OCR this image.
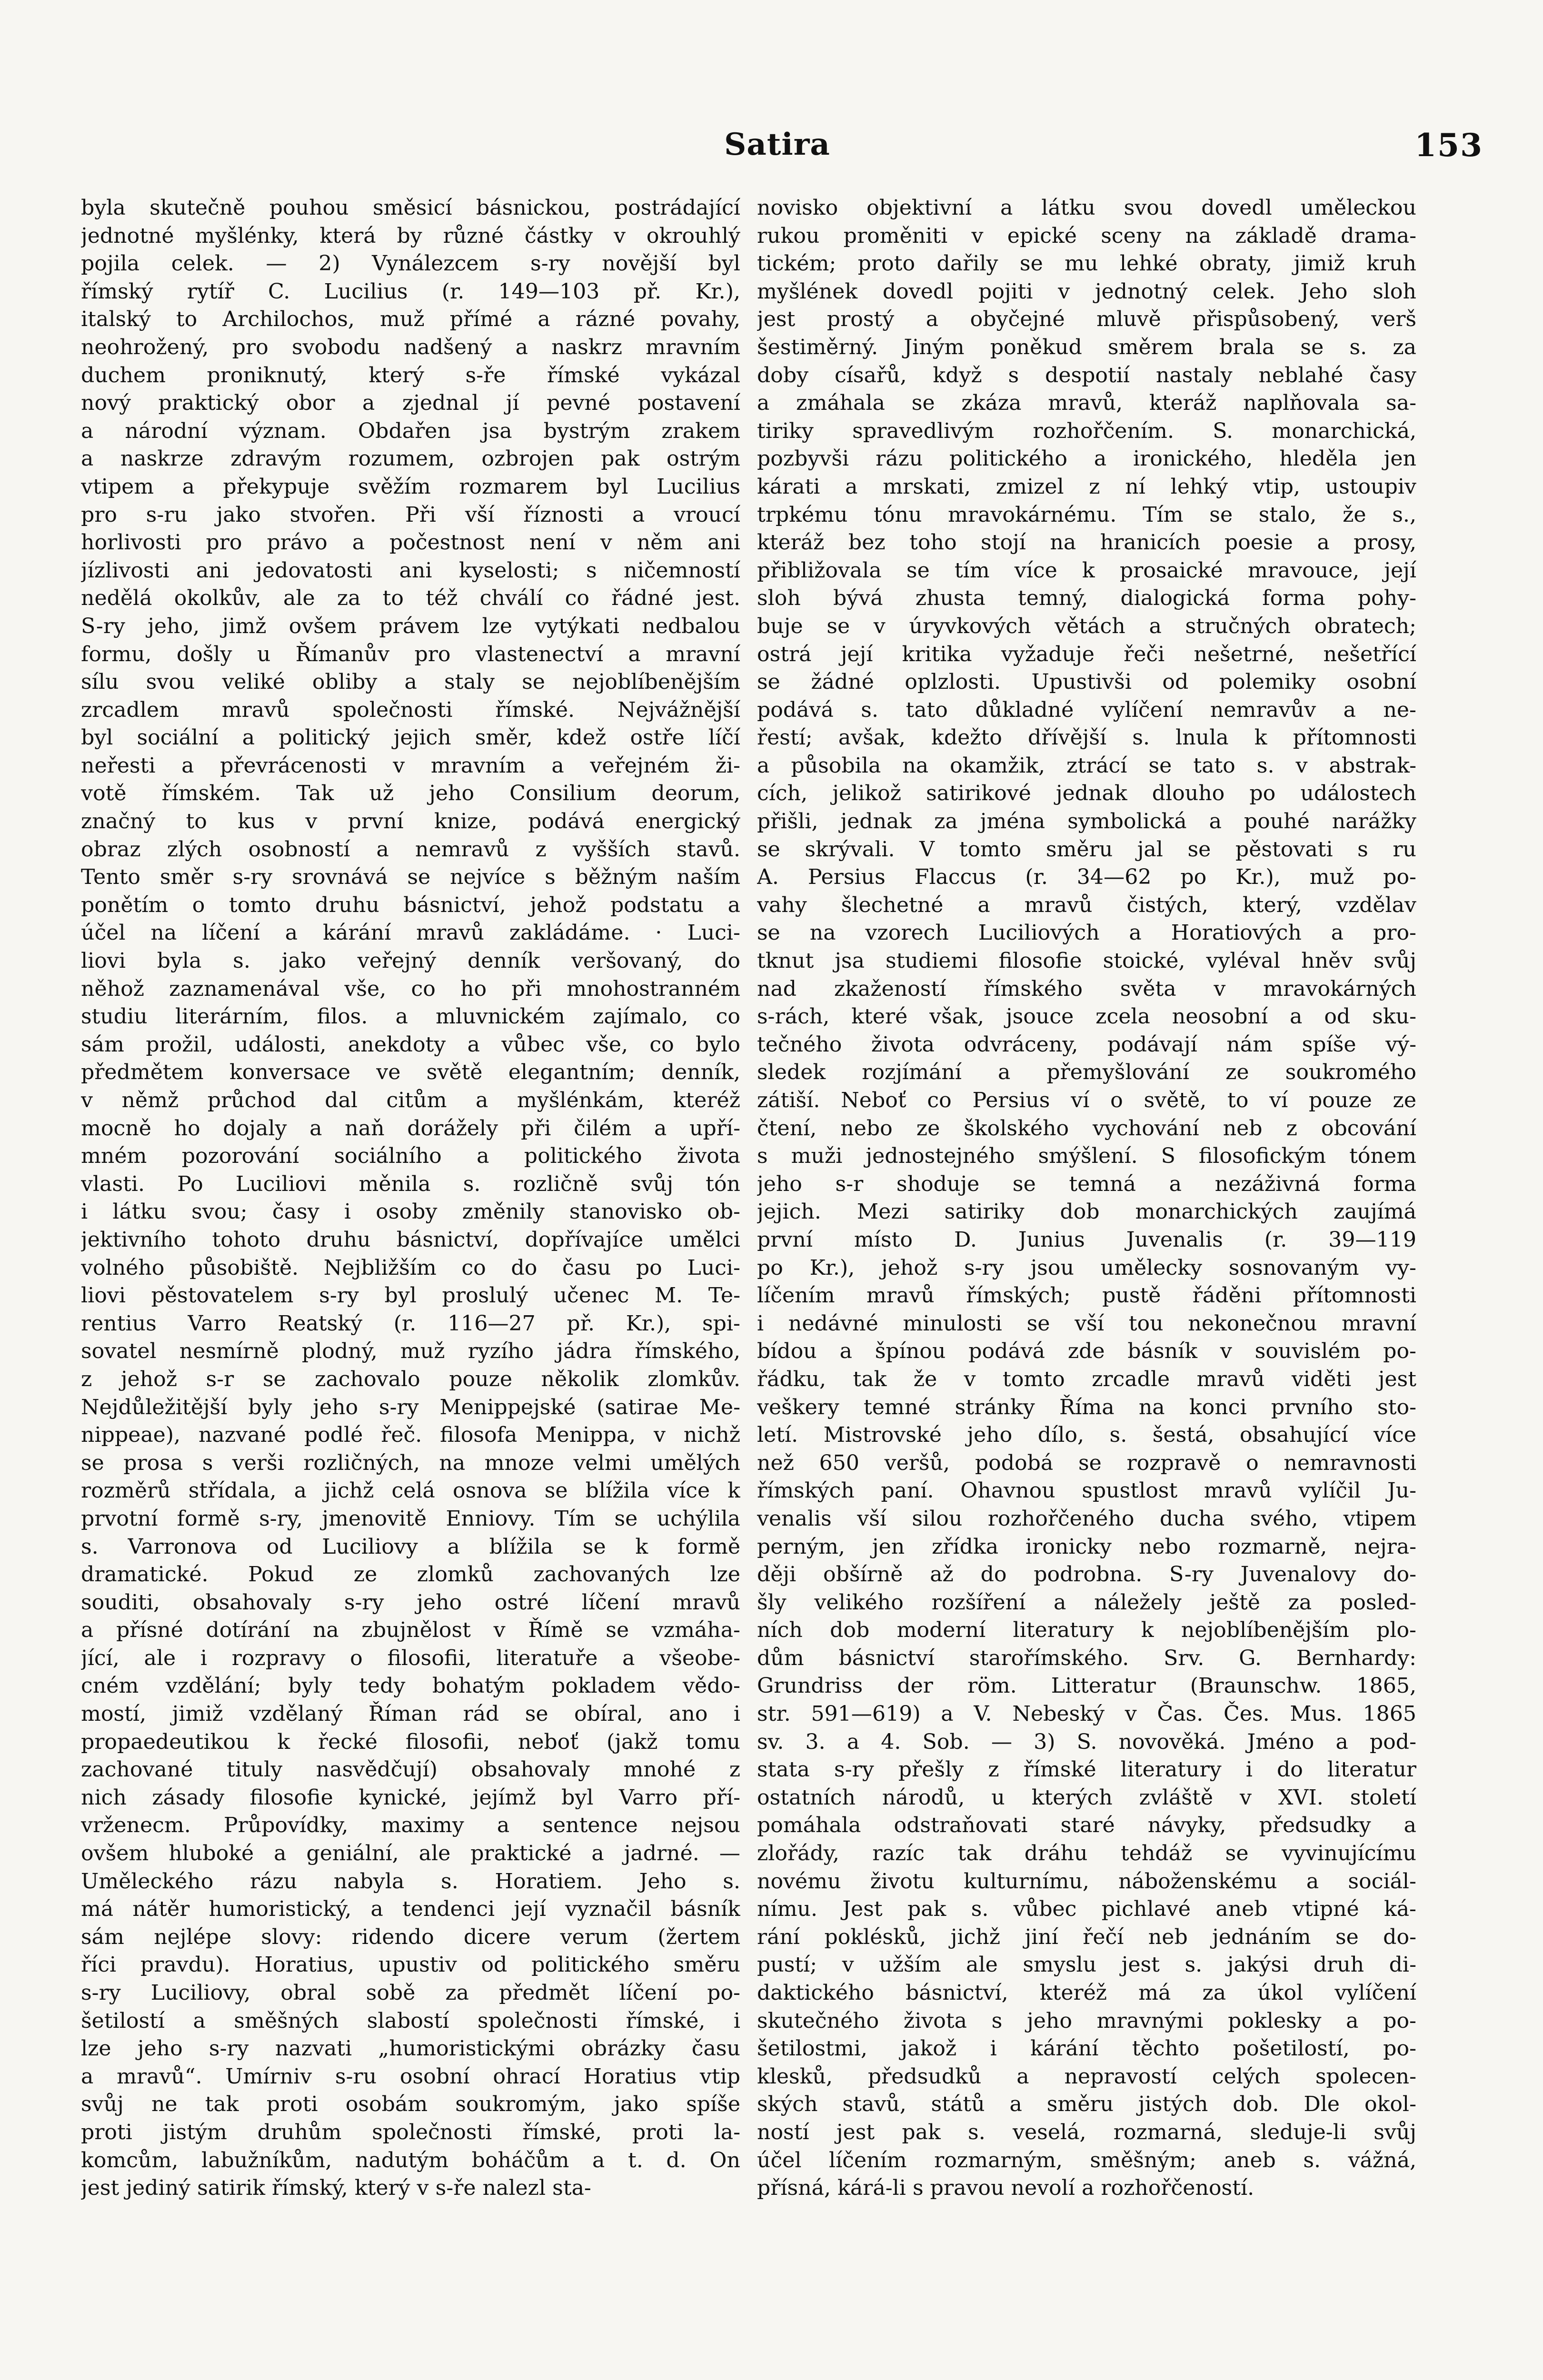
Satira	153
byla skutečně pouhou směsicí básnickou, postrádající
jednotné myšlénky, která by různé částky v okrouhlý
pojila celek. — 2) Vynálezcem s-ry novější byl
římský rytíř C. Lucilius (r. 149—103 př. Kr.),
italský to Archilochos, muž přímé a rázné povahy,
neohrožený, pro svobodu nadšený a naskrz mravním
duchem proniknutý, který s-ře římské vykázal
nový praktický obor a zjednal jí pevné postavení
a národní význam. Obdařen jsa bystrým zrakem
a naskrze zdravým rozumem, ozbrojen pak ostrým
vtipem a překypuje svěžím rozmarem byl Lucilius
pro s-ru jako stvořen. Při vší říznosti a vroucí
horlivosti pro právo a počestnost není v něm ani
jízlivosti ani jedovatosti ani kyselosti; s ničemností
nedělá okolkův, ale za to též chválí co řádné jest.
S-ry jeho, jimž ovšem právem lze vytýkati nedbalou
formu, došly u Římanův pro vlastenectví a mravní
sílu svou veliké obliby a staly se nejoblíbenějším
zrcadlem mravů společnosti římské. Nejvážnější
byl sociální a politický jejich směr, kdež ostře líčí
neřesti a převrácenosti v mravním a veřejném ži-
votě římském. Tak už jeho Consilium deorum,
značný to kus v první knize, podává energický
obraz zlých osobností a nemravů z vyšších stavů.
Tento směr s-ry srovnává se nejvíce s běžným naším
ponětím o tomto druhu básnictví, jehož podstatu a
účel na líčení a kárání mravů zakládáme. · Luci-
liovi byla s. jako veřejný denník veršovaný, do
něhož zaznamenával vše, co ho při mnohostranném
studiu literárním, filos. a mluvnickém zajímalo, co
sám prožil, události, anekdoty a vůbec vše, co bylo
předmětem konversace ve světě elegantním; denník,
v němž průchod dal citům a myšlénkám, kteréž
mocně ho dojaly a naň dorážely při čilém a upří-
mném pozorování sociálního a politického života
vlasti. Po Luciliovi měnila s. rozličně svůj tón
i látku svou; časy i osoby změnily stanovisko ob-
jektivního tohoto druhu básnictví, dopřívajíce umělci
volného působiště. Nejbližším co do času po Luci-
liovi pěstovatelem s-ry byl proslulý učenec M. Te-
rentius Varro Reatský (r. 116—27 př. Kr.), spi-
sovatel nesmírně plodný, muž ryzího jádra římského,
z jehož s-r se zachovalo pouze několik zlomkův.
Nejdůležitější byly jeho s-ry Menippejské (satirae Me-
nippeae), nazvané podlé řeč. filosofa Menippa, v nichž
se prosa s verši rozličných, na mnoze velmi umělých
rozměrů střídala, a jichž celá osnova se blížila více k
prvotní formě s-ry, jmenovitě Enniovy. Tím se uchýlila
s. Varronova od Luciliovy a blížila se k formě
dramatické. Pokud ze zlomků zachovaných lze
souditi, obsahovaly s-ry jeho ostré líčení mravů
a přísné dotírání na zbujnělost v Římě se vzmáha-
jící, ale i rozpravy o filosofii, literatuře a všeobe-
cném vzdělání; byly tedy bohatým pokladem vědo-
mostí, jimiž vzdělaný Říman rád se obíral, ano i
propaedeutikou k řecké filosofii, neboť (jakž tomu
zachované tituly nasvědčují) obsahovaly mnohé z
nich zásady filosofie kynické, jejímž byl Varro pří-
vrženecm. Průpovídky, maximy a sentence nejsou
ovšem hluboké a geniální, ale praktické a jadrné. —
Uměleckého rázu nabyla s. Horatiem. Jeho s.
má nátěr humoristický, a tendenci její vyznačil básník
sám nejlépe slovy: ridendo dicere verum (žertem
říci pravdu). Horatius, upustiv od politického směru
s-ry Luciliovy, obral sobě za předmět líčení po-
šetilostí a směšných slabostí společnosti římské, i
lze jeho s-ry nazvati „humoristickými obrázky času
a mravů“. Umírniv s-ru osobní ohrací Horatius vtip
svůj ne tak proti osobám soukromým, jako spíše
proti jistým druhům společnosti římské, proti la-
komcům, labužníkům, nadutým boháčům a t. d. On
jest jediný satirik římský, který v s-ře nalezl sta-
novisko objektivní a látku svou dovedl uměleckou
rukou proměniti v epické sceny na základě drama-
tickém; proto dařily se mu lehké obraty, jimiž kruh
myšlének dovedl pojiti v jednotný celek. Jeho sloh
jest prostý a obyčejné mluvě přispůsobený, verš
šestiměrný. Jiným poněkud směrem brala se s. za
doby císařů, když s despotií nastaly neblahé časy
a zmáhala se zkáza mravů, kteráž naplňovala sa-
tiriky spravedlivým rozhořčením. S. monarchická,
pozbyvši rázu politického a ironického, hleděla jen
kárati a mrskati, zmizel z ní lehký vtip, ustoupiv
trpkému tónu mravokárnému. Tím se stalo, že s.,
kteráž bez toho stojí na hranicích poesie a prosy,
přibližovala se tím více k prosaické mravouce, její
sloh bývá zhusta temný, dialogická forma pohy-
buje se v úryvkových větách a stručných obratech;
ostrá její kritika vyžaduje řeči nešetrné, nešetřící
se žádné oplzlosti. Upustivši od polemiky osobní
podává s. tato důkladné vylíčení nemravův a ne-
řestí; avšak, kdežto dřívější s. lnula k přítomnosti
a působila na okamžik, ztrácí se tato s. v abstrak-
cích, jelikož satirikové jednak dlouho po událostech
přišli, jednak za jména symbolická a pouhé narážky
se skrývali. V tomto směru jal se pěstovati s ru
A. Persius Flaccus (r. 34—62 po Kr.), muž po-
vahy šlechetné a mravů čistých, který, vzdělav
se na vzorech Luciliových a Horatiových a pro-
tknut jsa studiemi filosofie stoické, vyléval hněv svůj
nad zkažeností římského světa v mravokárných
s-rách, které však, jsouce zcela neosobní a od sku-
tečného života odvráceny, podávají nám spíše vý-
sledek rozjímání a přemyšlování ze soukromého
zátiší. Neboť co Persius ví o světě, to ví pouze ze
čtení, nebo ze školského vychování neb z obcování
s muži jednostejného smýšlení. S filosofickým tónem
jeho s-r shoduje se temná a nezáživná forma
jejich. Mezi satiriky dob monarchických zaujímá
první místo D. Junius Juvenalis (r. 39—119
po Kr.), jehož s-ry jsou umělecky sosnovaným vy-
líčením mravů římských; pustě řáděni přítomnosti
i nedávné minulosti se vší tou nekonečnou mravní
bídou a špínou podává zde básník v souvislém po-
řádku, tak že v tomto zrcadle mravů viděti jest
veškery temné stránky Říma na konci prvního sto-
letí. Mistrovské jeho dílo, s. šestá, obsahující více
než 650 veršů, podobá se rozpravě o nemravnosti
římských paní. Ohavnou spustlost mravů vylíčil Ju-
venalis vší silou rozhořčeného ducha svého, vtipem
perným, jen zřídka ironicky nebo rozmarně, nejra-
ději obšírně až do podrobna. S-ry Juvenalovy do-
šly velikého rozšíření a náležely ještě za posled-
ních dob moderní literatury k nejoblíbenějším plo-
dům básnictví starořímského. Srv. G. Bernhardy:
Grundriss der röm. Litteratur (Braunschw. 1865,
str. 591—619) a V. Nebeský v Čas. Čes. Mus. 1865
sv. 3. a 4. Sob. — 3) S. novověká. Jméno a pod-
stata s-ry přešly z římské literatury i do literatur
ostatních národů, u kterých zvláště v XVI. století
pomáhala odstraňovati staré návyky, předsudky a
zlořády, razíc tak dráhu tehdáž se vyvinujícímu
novému životu kulturnímu, náboženskému a sociál-
nímu. Jest pak s. vůbec pichlavé aneb vtipné ká-
rání poklésků, jichž jiní řečí neb jednáním se do-
pustí; v užším ale smyslu jest s. jakýsi druh di-
daktického básnictví, kteréž má za úkol vylíčení
skutečného života s jeho mravnými poklesky a po-
šetilostmi, jakož i kárání těchto pošetilostí, po-
klesků, předsudků a nepravostí celých spolecen-
ských stavů, států a směru jistých dob. Dle okol-
ností jest pak s. veselá, rozmarná, sleduje-li svůj
účel líčením rozmarným, směšným; aneb s. vážná,
přísná, kárá-li s pravou nevolí a rozhořčeností.
